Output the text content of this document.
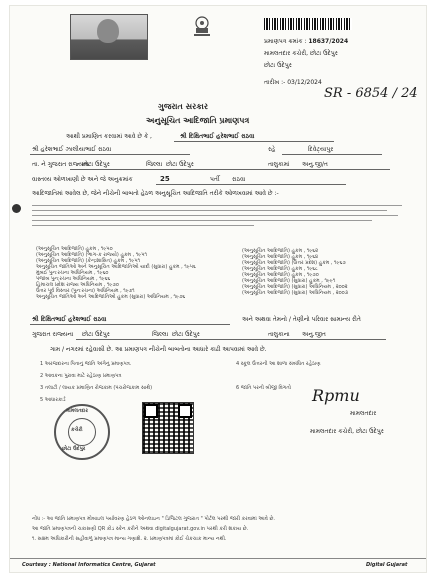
પ્રમાણપત્ર ક્રમાંક : 18637/2024
મામલતદાર કચેરી, છોટા ઉદેપુર
છોટા ઉદેપુર
તારીખ :- 03/12/2024
SR - 6854 / 24
ગુજરાત સરકાર
અનુસૂચિત આદિજાતિ પ્રમાણપત્ર
આથી પ્રમાણિત કરવામાં આવે છે કે ,	શ્રી દિક્ષિતભાઈ હરેશભાઈ રાઠવા
શ્રી હરેશભાઈ ઝાલીયાભાઈ રાઠવા	રહે	દિવેટ્યાપુર
તા. ને ગુજરાત રાજ્યના
છોટા ઉદેપુર	જિલ્લા છોટા ઉદેપુર	તાલુકામાં અનુ.જી/ત
વાસ્તવ્ય ઓળખાણી છે અને જે અનુક્રમાંક	25	પર્તી રાઠવા
આદિજાતિમાં આવેલ છે, જેને નીચેની બાબતો હેઠળ અનુસૂચિત આદિજાતિ તરીકે ઓળખવામાં આવે છે :-
(અનુસૂચિત આદિજાતિ) હુકમ , ૧૯૫૦
(અનુસૂચિત આદિજાતિ) (ભાગ-ક રાજ્યો) હુકમ , ૧૯૫૧
(અનુસૂચિત આદિજાતિ) (કેન્દ્રશાસિત) હુકમ , ૧૯૫૧
અનુસૂચિત જાતિઓ અને અનુસૂચિત આદિજાતિઓ યાદી (સુધારા) હુકમ , ૧૯૫૬
મુંબઈ પુનઃરચના અધિનિયમ , ૧૯૬૦
પંજાબ પુનઃરચના અધિનિયમ , ૧૯૬૬
હિમાચલ પ્રદેશ રાજ્ય અધિનિયમ , ૧૯૭૦
ઉત્તર પૂર્વ વિસ્તાર (પુનઃરચના) અધિનિયમ , ૧૯૭૧
અનુસૂચિત જાતિઓ અને આદિજાતિઓ હુકમ (સુધારા) અધિનિયમ , ૧૯૭૬
(અનુસૂચિત આદિજાતિ) હુકમ , ૧૯૬૨
(અનુસૂચિત આદિજાતિ) હુકમ , ૧૯૬૪
(અનુસૂચિત આદિજાતિ) (ઉત્તર પ્રદેશ) હુકમ , ૧૯૬૭
(અનુસૂચિત આદિજાતિ) હુકમ , ૧૯૬૮
(અનુસૂચિત આદિજાતિ) હુકમ , ૧૯૭૦
(અનુસૂચિત આદિજાતિ) (સુધારા) હુકમ , ૧૯૯૧
(અનુસૂચિત આદિજાતિ) (સુધારા) અધિનિયમ , ૨૦૦૨
(અનુસૂચિત આદિજાતિ) (સુધારા) અધિનિયમ , ૨૦૦૩
શ્રી દિક્ષિતભાઈ હરેશભાઈ રાઠવા	અને અથવા તેમનો / તેણીનો પરિવાર સામાન્ય રીતે
ગુજરાત રાજ્યના છોટા ઉદેપુર	જિલ્લા છોટા ઉદેપુર	તાલુકાના અનુ.જીત
ગામ / નગરમાં રહેવાસી છે. આ પ્રમાણપત્ર નીચેની બાબતોના આધારે કાઢી આપવામાં આવે છે.
1 અરજદારના પિતાનું જાતિ અંગેનું પ્રમાણપત્ર.
2 આવકના પુરાવા માટે રહેઠાણ પ્રમાણપત્ર
3 તલાટી / લાયક પ્રમાણિત રોજકામ (પંચરોજકામ સાથે)
4 સ્કૂલ ઉત્તરની આ શાળા સંબંધિત રહેઠાણ
5 આધારકાર્ડ
6 જાતિ પરની બીજી વિગતો
મામલતદાર
કચેરી
છોટા ઉદેપુર
Rpmu
મામલતદાર
મામલતદાર કચેરી, છોટા ઉદેપુર
નોંધ :- આ જાતિ પ્રમાણપત્ર મોબાઇલ પર્યાવરણ હેઠળ ઓનલાઇન " ડિજિટલ ગુજરાત " પોર્ટલ પરથી જારી કરવામાં આવે છે.
આ જાતિ પ્રમાણપત્રની ચકાસણી QR કોડ સ્કેન કરીને અથવા digitalgujarat.gov.in પરથી કરી શકાય છે.
૧. સક્ષમ અધિકારીની સહીવાળું પ્રમાણપત્ર માન્ય ગણાશે. ૨. પ્રમાણપત્રમાં કોઈ ચેકચાક માન્ય નથી.
Courtesy : National Informatics Centre, Gujarat	Digital Gujarat
